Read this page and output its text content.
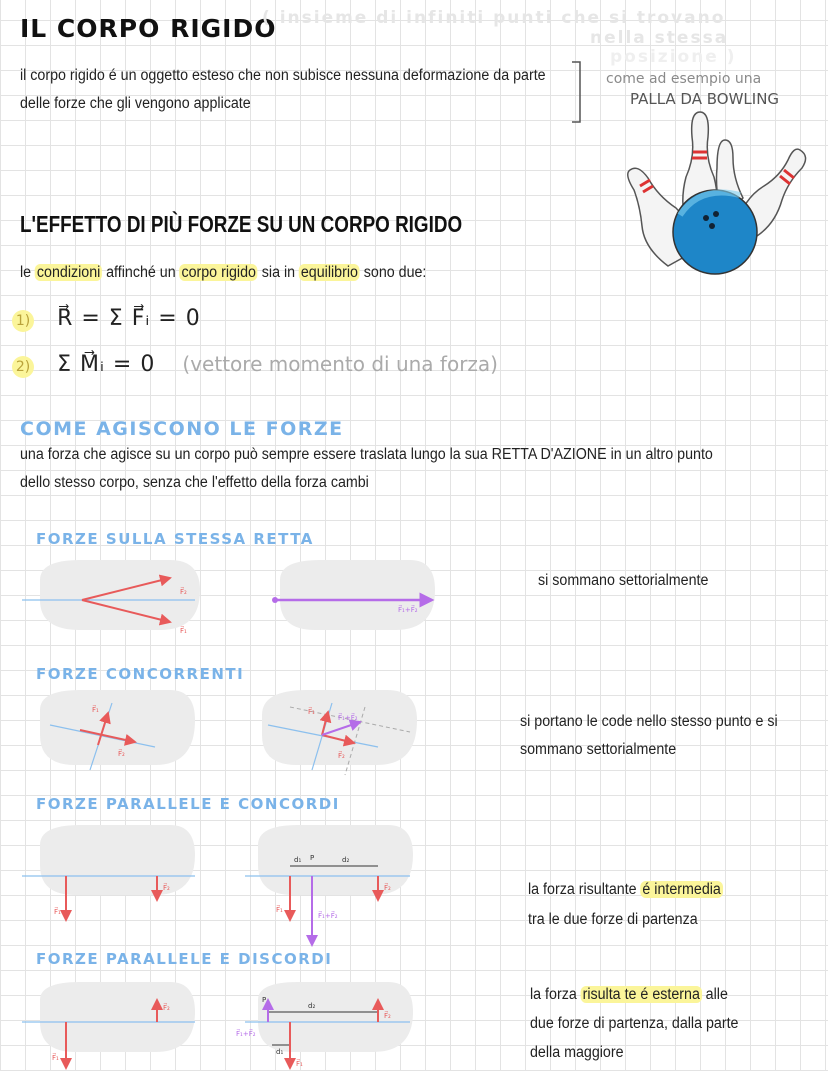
IL CORPO RIGIDO
( insieme di infiniti punti che si trovano
nella stessa
posizione )
il corpo rigido é un oggetto esteso che non subisce nessuna deformazione da parte
delle forze che gli vengono applicate
come ad esempio una
PALLA DA BOWLING
L'EFFETTO DI PIÙ FORZE SU UN CORPO RIGIDO
le condizioni affinché un corpo rigido sia in equilibrio sono due:
1) R⃗ = Σ F⃗ᵢ = 0
2) Σ M⃗ᵢ = 0 (vettore momento di una forza)
COME AGISCONO LE FORZE
una forza che agisce su un corpo può sempre essere traslata lungo la sua RETTA D'AZIONE in un altro punto
dello stesso corpo, senza che l'effetto della forza cambi
FORZE SULLA STESSA RETTA
si sommano settorialmente
FORZE CONCORRENTI
si portano le code nello stesso punto e si
sommano settorialmente
FORZE PARALLELE E CONCORDI
la forza risultante é intermedia
tra le due forze di partenza
FORZE PARALLELE E DISCORDI
la forza risulta te é esterna alle
due forze di partenza, dalla parte
della maggiore
F⃗₂
F⃗₁
F⃗₁+F⃗₂
F⃗₁
F⃗₂
F⃗₁
F⃗₁+F⃗₂
F⃗₂
F⃗₁
F⃗₂
d₁ P	d₂
F⃗₁
F⃗₂
F⃗₁+F⃗₂
F⃗₁
F⃗₂
P
d₂
d₁
F⃗₁+F⃗₂
F⃗₁
F⃗₂
